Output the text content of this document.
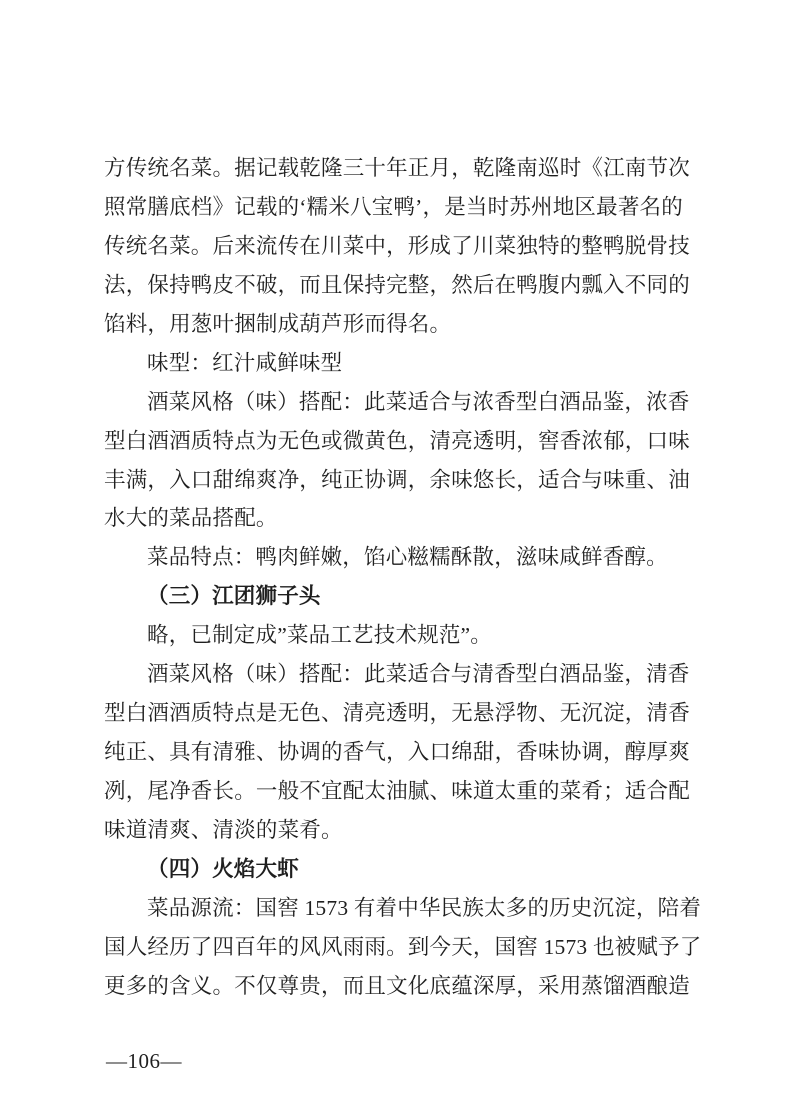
方传统名菜。据记载乾隆三十年正月，乾隆南巡时《江南节次
照常膳底档》记载的‘糯米八宝鸭’，是当时苏州地区最著名的
传统名菜。后来流传在川菜中，形成了川菜独特的整鸭脱骨技
法，保持鸭皮不破，而且保持完整，然后在鸭腹内瓢入不同的
馅料，用葱叶捆制成葫芦形而得名。
味型：红汁咸鲜味型
酒菜风格（味）搭配：此菜适合与浓香型白酒品鉴，浓香
型白酒酒质特点为无色或微黄色，清亮透明，窖香浓郁，口味
丰满，入口甜绵爽净，纯正协调，余味悠长，适合与味重、油
水大的菜品搭配。
菜品特点：鸭肉鲜嫩，馅心糍糯酥散，滋味咸鲜香醇。
（三）江团狮子头
略，已制定成”菜品工艺技术规范”。
酒菜风格（味）搭配：此菜适合与清香型白酒品鉴，清香
型白酒酒质特点是无色、清亮透明，无悬浮物、无沉淀，清香
纯正、具有清雅、协调的香气，入口绵甜，香味协调，醇厚爽
冽，尾净香长。一般不宜配太油腻、味道太重的菜肴；适合配
味道清爽、清淡的菜肴。
（四）火焰大虾
菜品源流：国窖 1573 有着中华民族太多的历史沉淀，陪着
国人经历了四百年的风风雨雨。到今天，国窖 1573 也被赋予了
更多的含义。不仅尊贵，而且文化底蕴深厚，采用蒸馏酒酿造
—106—
